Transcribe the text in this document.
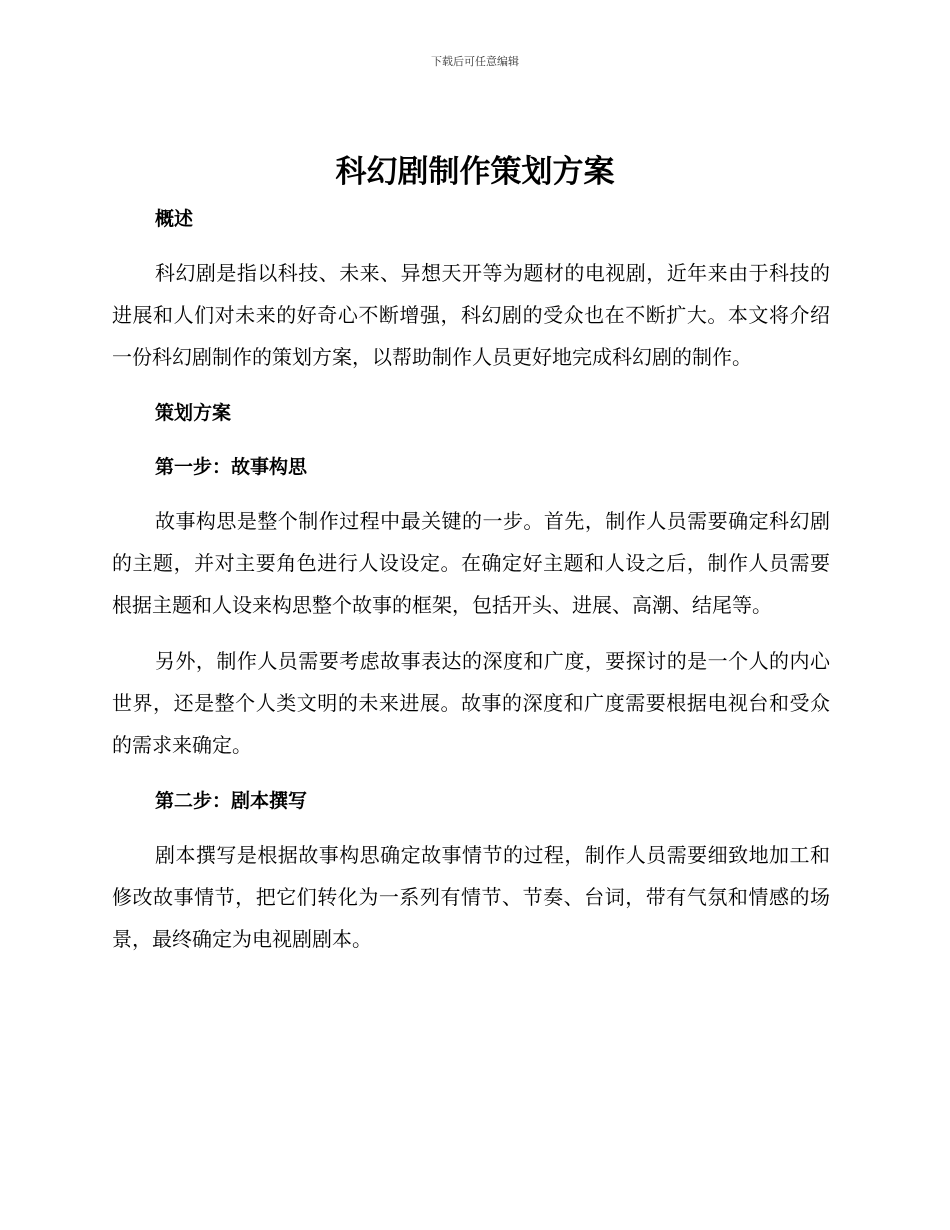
下载后可任意编辑
科幻剧制作策划方案
概述

科幻剧是指以科技、未来、异想天开等为题材的电视剧，近年来由于科技的进展和人们对未来的好奇心不断增强，科幻剧的受众也在不断扩大。本文将介绍一份科幻剧制作的策划方案，以帮助制作人员更好地完成科幻剧的制作。

策划方案
第一步：故事构思

故事构思是整个制作过程中最关键的一步。首先，制作人员需要确定科幻剧的主题，并对主要角色进行人设设定。在确定好主题和人设之后，制作人员需要根据主题和人设来构思整个故事的框架，包括开头、进展、高潮、结尾等。

另外，制作人员需要考虑故事表达的深度和广度，要探讨的是一个人的内心世界，还是整个人类文明的未来进展。故事的深度和广度需要根据电视台和受众的需求来确定。

第二步：剧本撰写

剧本撰写是根据故事构思确定故事情节的过程，制作人员需要细致地加工和修改故事情节，把它们转化为一系列有情节、节奏、台词，带有气氛和情感的场景，最终确定为电视剧剧本。
